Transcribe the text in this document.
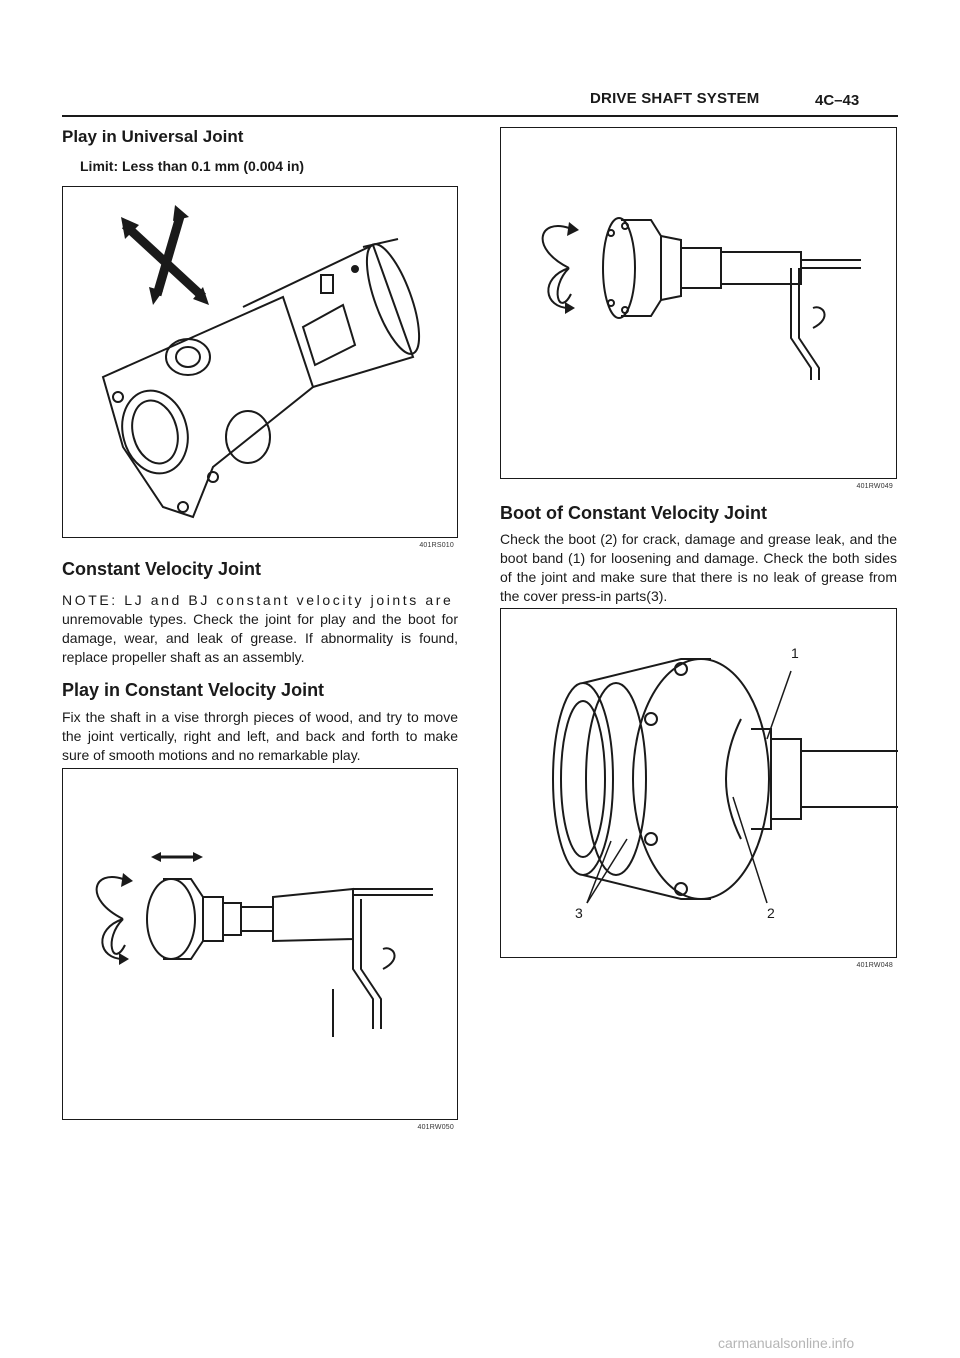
DRIVE SHAFT SYSTEM	4C–43
Play in Universal Joint
Limit: Less than 0.1 mm (0.004 in)
401RS010
Constant Velocity Joint
NOTE: LJ and BJ constant velocity joints are
unremovable types. Check the joint for play and the boot for damage, wear, and leak of grease. If abnormality is found, replace propeller shaft as an assembly.
Play in Constant Velocity Joint
Fix the shaft in a vise throrgh pieces of wood, and try to move the joint vertically, right and left, and back and forth to make sure of smooth motions and no remarkable play.
401RW050
401RW049
Boot of Constant Velocity Joint
Check the boot (2) for crack, damage and grease leak, and the boot band (1) for loosening and damage. Check the both sides of the joint and make sure that there is no leak of grease from the cover press-in parts(3).
1
2
3
401RW048
carmanualsonline.info
